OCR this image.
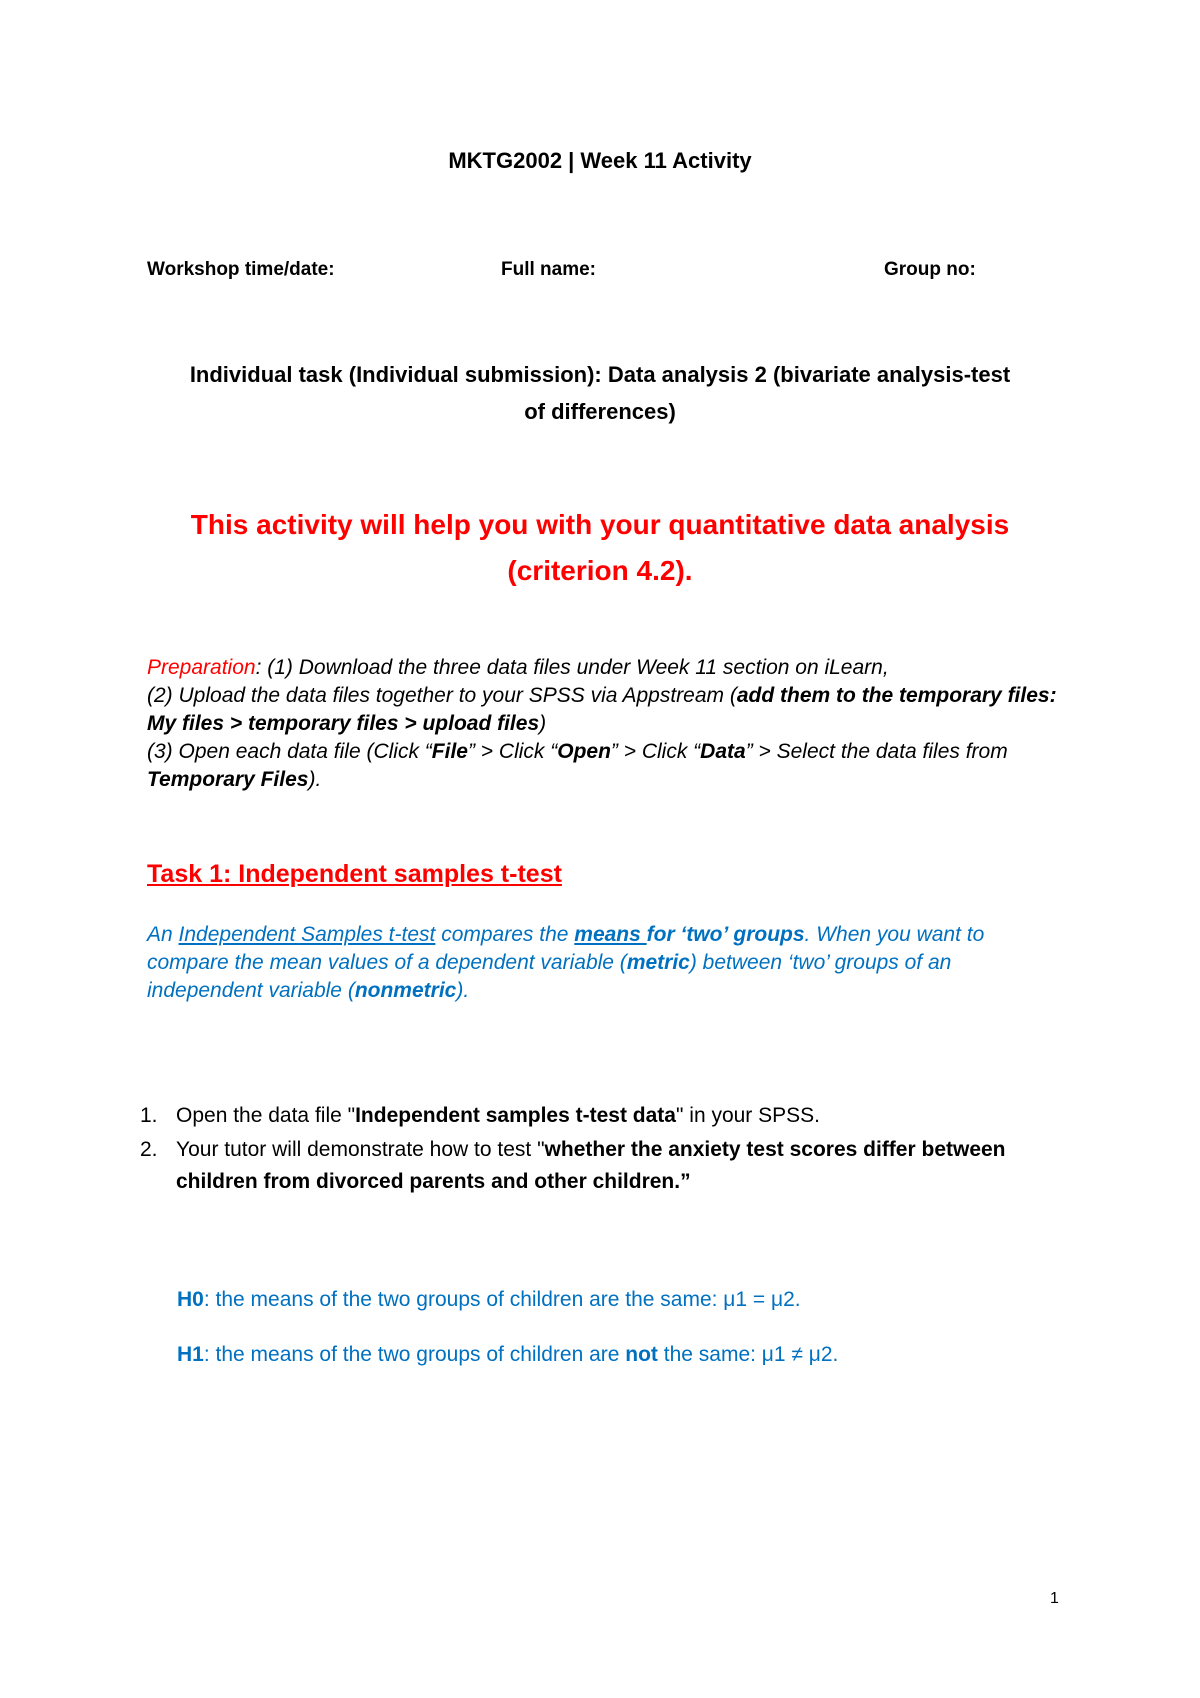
MKTG2002 | Week 11 Activity
Workshop time/date:	Full name:	Group no:
Individual task (Individual submission): Data analysis 2 (bivariate analysis-test
of differences)
This activity will help you with your quantitative data analysis
(criterion 4.2).
Preparation: (1) Download the three data files under Week 11 section on iLearn,
(2) Upload the data files together to your SPSS via Appstream (add them to the temporary files: My files > temporary files > upload files)
(3) Open each data file (Click “File” > Click “Open” > Click “Data” > Select the data files from Temporary Files).
Task 1: Independent samples t-test
An Independent Samples t-test compares the means for ‘two’ groups. When you want to compare the mean values of a dependent variable (metric) between ‘two’ groups of an independent variable (nonmetric).
1. Open the data file "Independent samples t-test data" in your SPSS.
2. Your tutor will demonstrate how to test "whether the anxiety test scores differ between children from divorced parents and other children.”
H0: the means of the two groups of children are the same: μ1 = μ2.
H1: the means of the two groups of children are not the same: μ1 ≠ μ2.
1
